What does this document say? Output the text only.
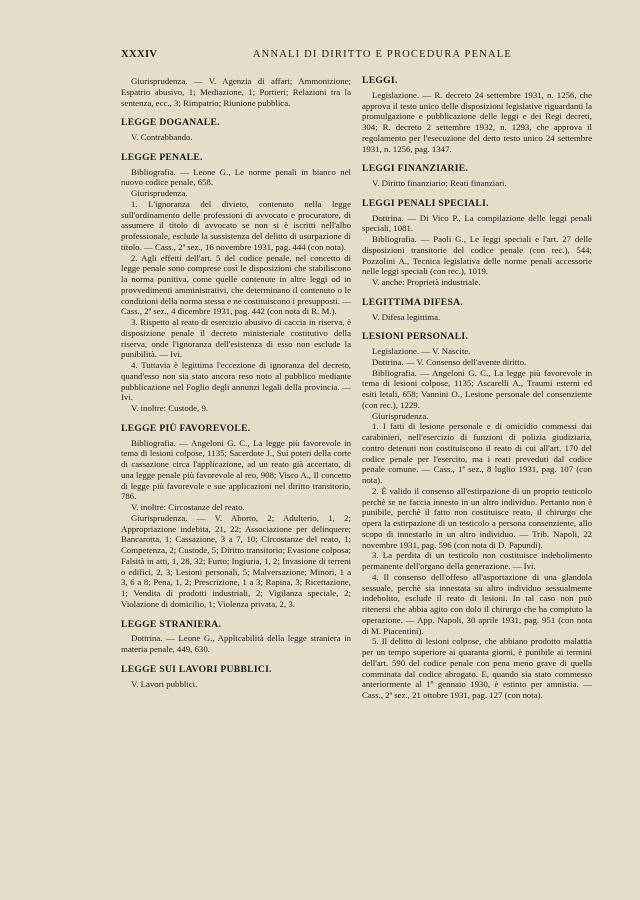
XXXIV	ANNALI DI DIRITTO E PROCEDURA PENALE

Giurisprudenza. — V. Agenzia di affari; Ammonizione; Espatrio abusivo, 1; Mediazione, 1; Portieri; Relazioni tra la sentenza, ecc., 3; Rimpatrio; Riunione pubblica.

LEGGE DOGANALE.

V. Contrabbando.

LEGGE PENALE.

Bibliografia. — Leone G., Le norme penali in bianco nel nuovo codice penale, 658.

Giurisprudenza.

1. L'ignoranza del divieto, contenuto nella legge sull'ordinamento delle professioni di avvocato e procuratore, di assumere il titolo di avvocato se non si è iscritti nell'albo professionale, esclude la sussistenza del delitto di usurpazione di titolo. — Cass., 2ª sez., 16 novembre 1931, pag. 444 (con nota).

2. Agli effetti dell'art. 5 del codice penale, nel concetto di legge penale sono comprese così le disposizioni che stabiliscono la norma punitiva, come quelle contenute in altre leggi od in provvedimenti amministrativi, che determinano il contenuto o le condizioni della norma stessa e ne costituiscono i presupposti. — Cass., 2ª sez., 4 dicembre 1931, pag. 442 (con nota di R. M.).

3. Rispetto al reato di esercizio abusivo di caccia in riserva, è disposizione penale il decreto ministeriale costitutivo della riserva, onde l'ignoranza dell'esistenza di esso non esclude la punibilità. — Ivi.

4. Tuttavia è legittima l'eccezione di ignoranza del decreto, quand'esso non sia stato ancora reso noto al pubblico mediante pubblicazione nel Foglio degli annunzi legali della provincia. — Ivi.

V. inoltre: Custode, 9.

LEGGE PIÙ FAVOREVOLE.

Bibliografia. — Angeloni G. C., La legge più favorevole in tema di lesioni colpose, 1135; Sacerdote J., Sui poteri della corte di cassazione circa l'applicazione, ad un reato già accertato, di una legge penale più favorevole al reo, 908; Visco A., Il concetto di legge più favorevole e sue applicazioni nel diritto transitorio, 786.

V. inoltre: Circostanze del reato.

Giurisprudenza. — V. Aborto, 2; Adulterio, 1, 2; Appropriazione indebita, 21, 22; Associazione per delinquere; Bancarotta, 1; Cassazione, 3 a 7, 10; Circostanze del reato, 1; Competenza, 2; Custode, 5; Diritto transitorio; Evasione colposa; Falsità in atti, 1, 28, 32; Furto; Ingiuria, 1, 2; Invasione di terreni o edifici, 2, 3; Lesioni personali, 5; Malversazione; Minori, 1 a 3, 6 a 8; Pena, 1, 2; Prescrizione, 1 a 3; Rapina, 3; Ricettazione, 1; Vendita di prodotti industriali, 2; Vigilanza speciale, 2; Violazione di domicilio, 1; Violenza privata, 2, 3.

LEGGE STRANIERA.

Dottrina. — Leone G., Applicabilità della legge straniera in materia penale, 449, 630.

LEGGE SUI LAVORI PUBBLICI.

V. Lavori pubblici.

LEGGI.

Legislazione. — R. decreto 24 settembre 1931, n. 1256, che approva il testo unico delle disposizioni legislative riguardanti la promulgazione e pubblicazione delle leggi e dei Regi decreti, 304; R. decreto 2 settembre 1932, n. 1293, che approva il regolamento per l'esecuzione del detto testo unico 24 settembre 1931, n. 1256, pag. 1347.

LEGGI FINANZIARIE.

V. Diritto finanziario; Reati finanziari.

LEGGI PENALI SPECIALI.

Dottrina. — Di Vico P., La compilazione delle leggi penali speciali, 1081.

Bibliografia. — Paoli G., Le leggi speciali e l'art. 27 delle disposizioni transitorie del codice penale (con rec.), 544; Pozzolini A., Tecnica legislativa delle norme penali accessorie nelle leggi speciali (con rec.), 1019.

V. anche: Proprietà industriale.

LEGITTIMA DIFESA.

V. Difesa legittima.

LESIONI PERSONALI.

Legislazione. — V. Nascite.

Dottrina. — V. Consenso dell'avente diritto.

Bibliografia. — Angeloni G. C., La legge più favorevole in tema di lesioni colpose, 1135; Ascarelli A., Traumi esterni ed esiti letali, 658; Vannini O., Lesione personale del consenziente (con rec.), 1229.

Giurisprudenza.

1. I fatti di lesione personale e di omicidio commessi dai carabinieri, nell'esercizio di funzioni di polizia giudiziaria, contro detenuti non costituiscono il reato di cui all'art. 170 del codice penale per l'esercito, ma i reati preveduti dal codice penale comune. — Cass., 1ª sez., 8 luglio 1931, pag. 107 (con nota).

2. È valido il consenso all'estirpazione di un proprio testicolo perchè se ne faccia innesto in un altro individuo. Pertanto non è punibile, perchè il fatto non costituisce reato, il chirurgo che opera la estirpazione di un testicolo a persona consenziente, allo scopo di innestarlo in un altro individuo. — Trib. Napoli, 22 novembre 1931, pag. 596 (con nota di D. Papundi).

3. La perdita di un testicolo non costituisce indebolimento permanente dell'organo della generazione. — Ivi.

4. Il consenso dell'offeso all'asportazione di una glandola sessuale, perchè sia innestata su altro individuo sessualmente indebolito, esclude il reato di lesioni. In tal caso non può ritenersi che abbia agito con dolo il chirurgo che ha compiuto la operazione. — App. Napoli, 30 aprile 1931, pag. 951 (con nota di M. Piacentini).

5. Il delitto di lesioni colpose, che abbiano prodotto malattia per un tempo superiore ai quaranta giorni, è punibile ai termini dell'art. 590 del codice penale con pena meno grave di quella comminata dal codice abrogato. E, quando sia stato commesso anteriormente al 1º gennaio 1930, è estinto per amnistia. — Cass., 2ª sez., 21 ottobre 1931, pag. 127 (con nota).
